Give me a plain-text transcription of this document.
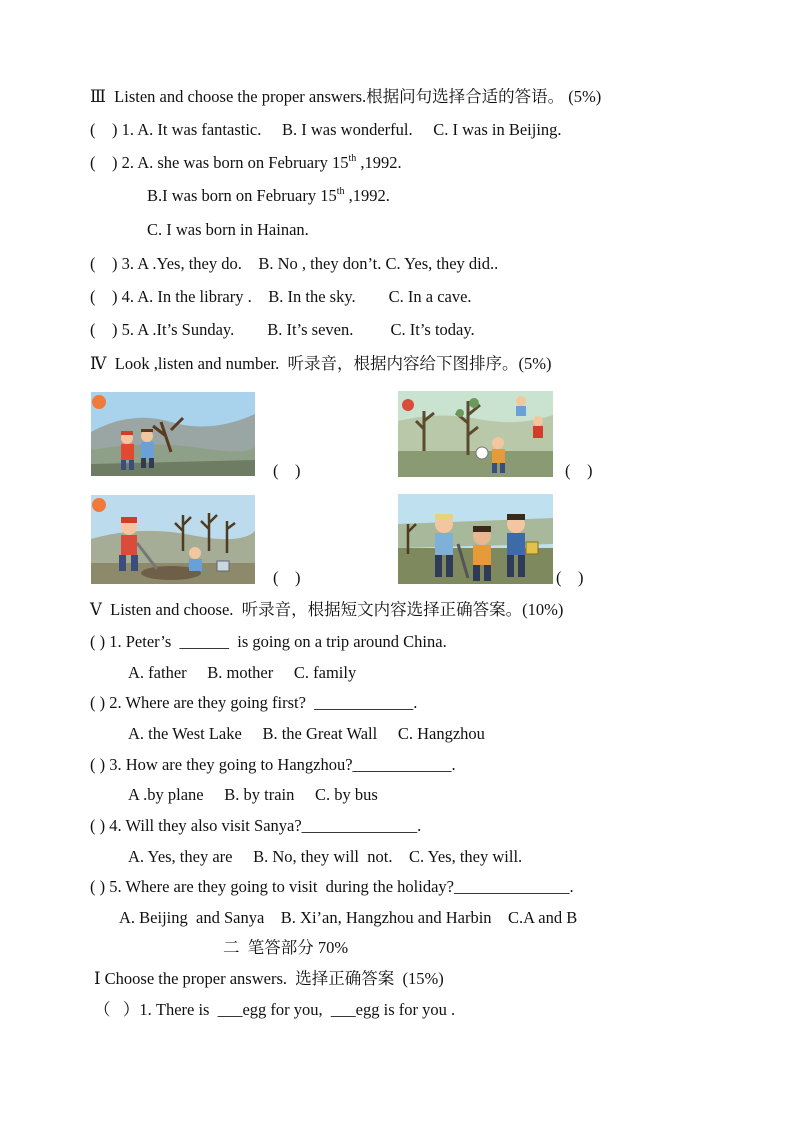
Ⅲ  Listen and choose the proper answers.根据问句选择合适的答语。 (5%)
(    ) 1. A. It was fantastic.     B. I was wonderful.     C. I was in Beijing.
(    ) 2. A. she was born on February 15th ,1992.
B.I was born on February 15th ,1992.
C. I was born in Hainan.
(    ) 3. A .Yes, they do.    B. No , they don’t. C. Yes, they did..
(    ) 4. A. In the library .    B. In the sky.        C. In a cave.
(    ) 5. A .It’s Sunday.        B. It’s seven.         C. It’s today.
Ⅳ  Look ,listen and number.  听录音，根据内容给下图排序。(5%)
(    )	(    )
(    )	(    )
Ⅴ  Listen and choose.  听录音，根据短文内容选择正确答案。(10%)
( ) 1. Peter’s  ______  is going on a trip around China.
A. father     B. mother     C. family
( ) 2. Where are they going first?  ____________.
A. the West Lake     B. the Great Wall     C. Hangzhou
( ) 3. How are they going to Hangzhou?____________.
A .by plane     B. by train     C. by bus
( ) 4. Will they also visit Sanya?______________.
A. Yes, they are     B. No, they will  not.    C. Yes, they will.
( ) 5. Where are they going to visit  during the holiday?______________.
A. Beijing  and Sanya    B. Xi’an, Hangzhou and Harbin    C.A and B
二  笔答部分 70%
Ⅰ Choose the proper answers.  选择正确答案  (15%)
（   ）1. There is  ___egg for you,  ___egg is for you .
